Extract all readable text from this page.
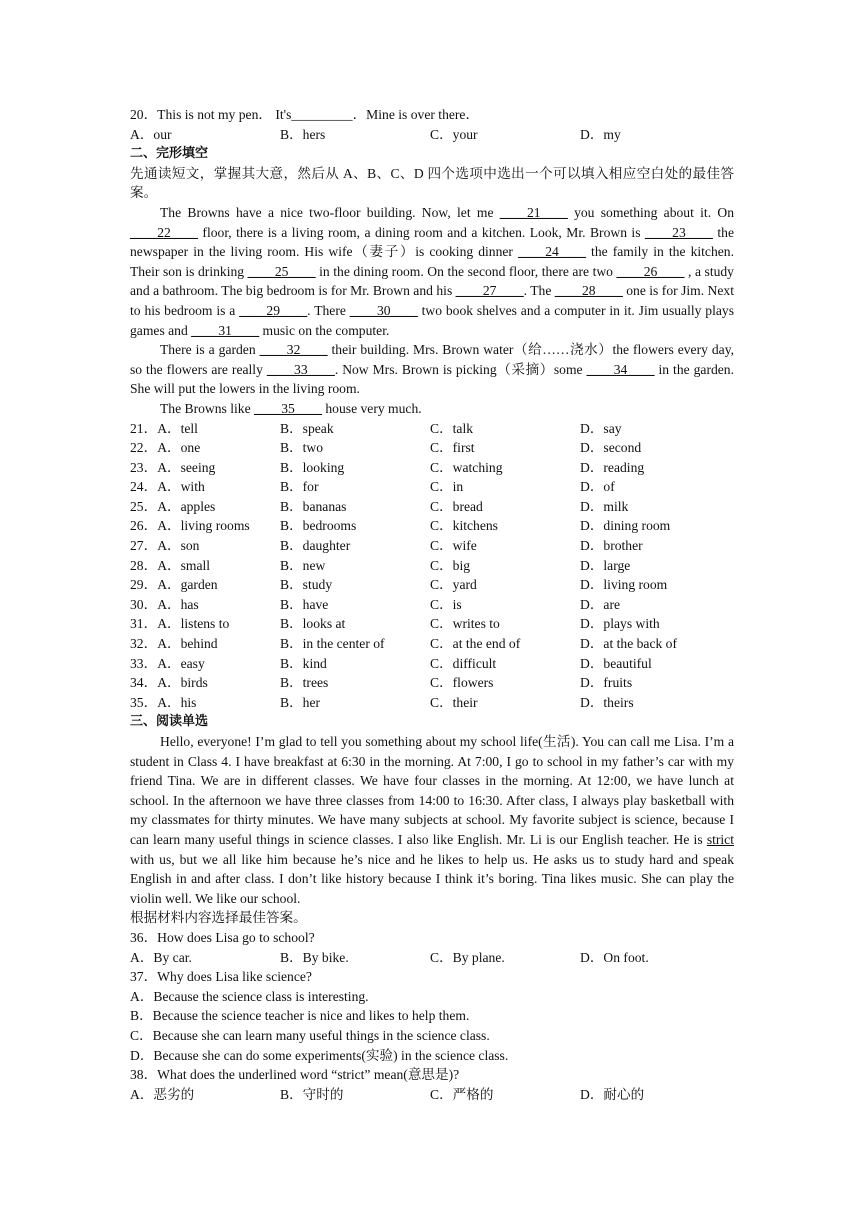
20．This is not my pen． It's_________．Mine is over there．
A．our	B．hers	C．your	D．my
二、完形填空
先通读短文，掌握其大意，然后从 A、B、C、D 四个选项中选出一个可以填入相应空白处的最佳答案。
The Browns have a nice two-floor building. Now, let me ____21____ you something about it. On ____22____ floor, there is a living room, a dining room and a kitchen. Look, Mr. Brown is ____23____ the newspaper in the living room. His wife（妻子）is cooking dinner ____24____ the family in the kitchen. Their son is drinking ____25____ in the dining room. On the second floor, there are two ____26____ , a study and a bathroom. The big bedroom is for Mr. Brown and his ____27____. The ____28____ one is for Jim. Next to his bedroom is a ____29____. There ____30____ two book shelves and a computer in it. Jim usually plays games and ____31____ music on the computer.
There is a garden ____32____ their building. Mrs. Brown water（给……浇水）the flowers every day, so the flowers are really ____33____. Now Mrs. Brown is picking（采摘）some ____34____ in the garden. She will put the lowers in the living room.
The Browns like ____35____ house very much.
21．A．tell	B．speak	C．talk	D．say
22．A．one	B．two	C．first	D．second
23．A．seeing	B．looking	C．watching	D．reading
24．A．with	B．for	C．in	D．of
25．A．apples	B．bananas	C．bread	D．milk
26．A．living rooms	B．bedrooms	C．kitchens	D．dining room
27．A．son	B．daughter	C．wife	D．brother
28．A．small	B．new	C．big	D．large
29．A．garden	B．study	C．yard	D．living room
30．A．has	B．have	C．is	D．are
31．A．listens to	B．looks at	C．writes to	D．plays with
32．A．behind	B．in the center of	C．at the end of	D．at the back of
33．A．easy	B．kind	C．difficult	D．beautiful
34．A．birds	B．trees	C．flowers	D．fruits
35．A．his	B．her	C．their	D．theirs
三、阅读单选
Hello, everyone! I’m glad to tell you something about my school life(生活). You can call me Lisa. I’m a student in Class 4. I have breakfast at 6:30 in the morning. At 7:00, I go to school in my father’s car with my friend Tina. We are in different classes. We have four classes in the morning. At 12:00, we have lunch at school. In the afternoon we have three classes from 14:00 to 16:30. After class, I always play basketball with my classmates for thirty minutes. We have many subjects at school. My favorite subject is science, because I can learn many useful things in science classes. I also like English. Mr. Li is our English teacher. He is strict with us, but we all like him because he’s nice and he likes to help us. He asks us to study hard and speak English in and after class. I don’t like history because I think it’s boring. Tina likes music. She can play the violin well. We like our school.
根据材料内容选择最佳答案。
36．How does Lisa go to school?
A．By car.	B．By bike.	C．By plane.	D．On foot.
37．Why does Lisa like science?
A．Because the science class is interesting.
B．Because the science teacher is nice and likes to help them.
C．Because she can learn many useful things in the science class.
D．Because she can do some experiments(实验) in the science class.
38．What does the underlined word “strict” mean(意思是)?
A．恶劣的	B．守时的	C．严格的	D．耐心的
